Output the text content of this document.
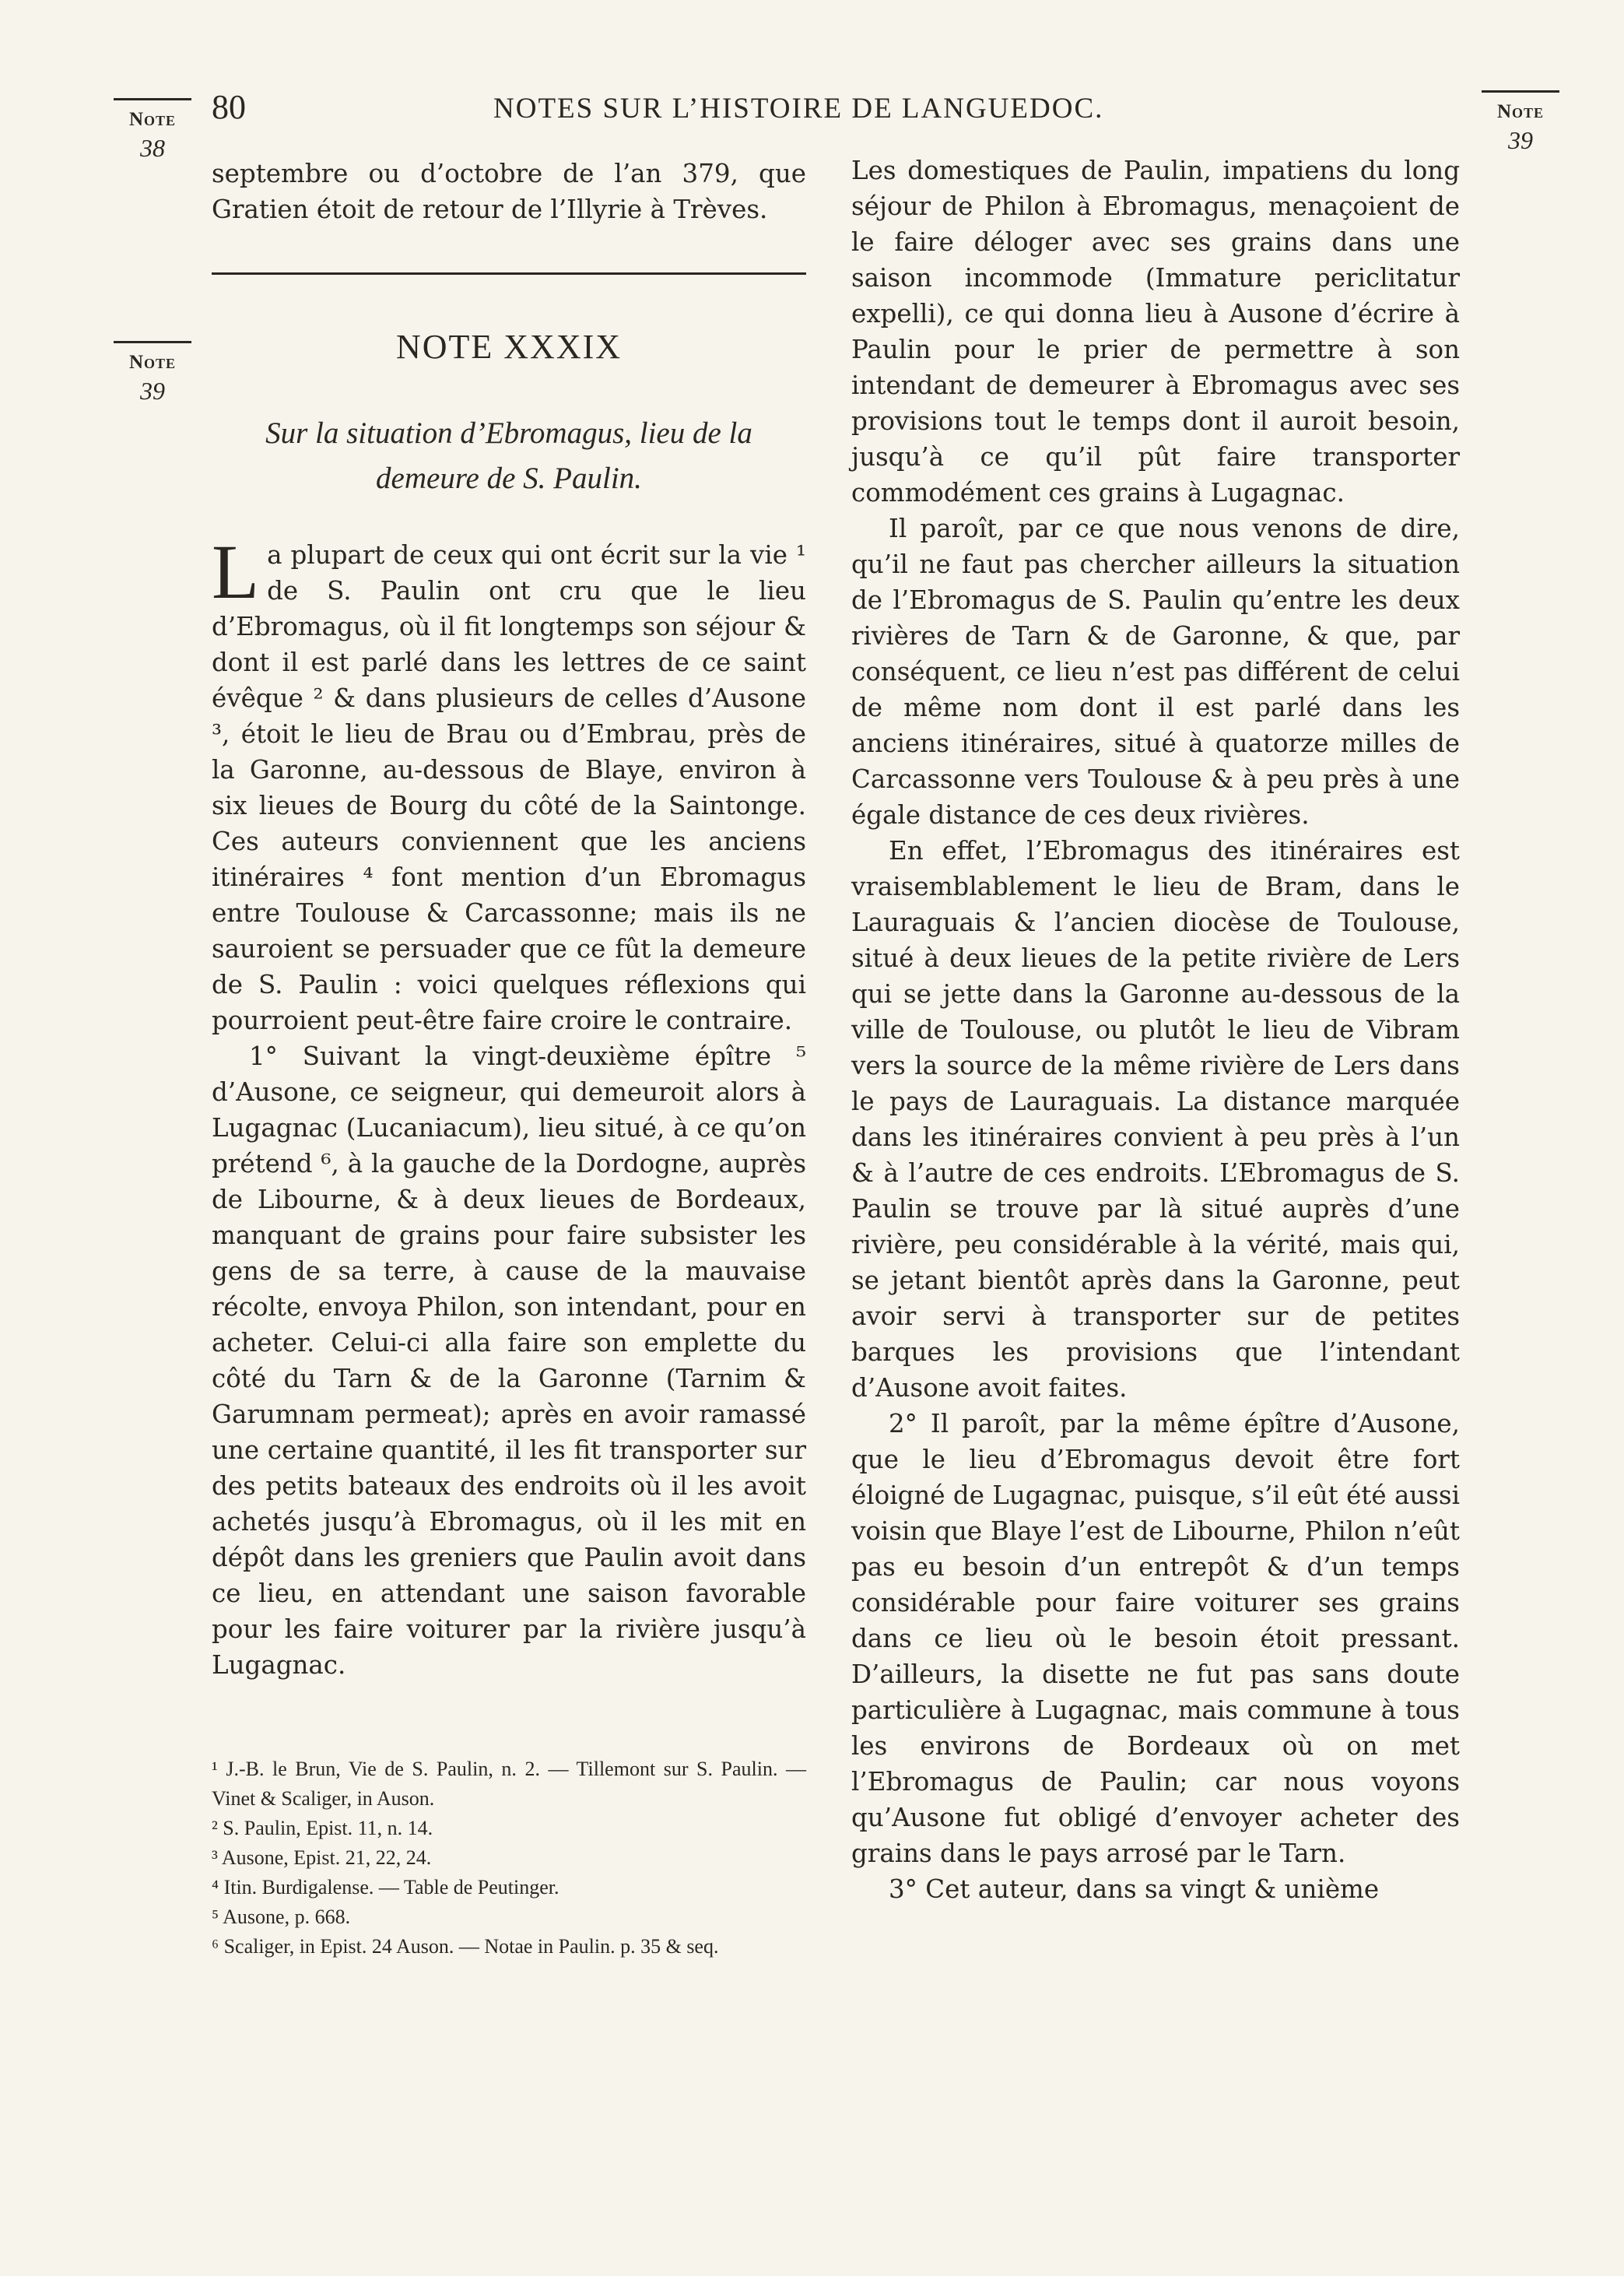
Note
38
Note
39
Note
39
80	NOTES SUR L’HISTOIRE DE LANGUEDOC.

septembre ou d’octobre de l’an 379, que Gratien étoit de retour de l’Illyrie à Trèves.

NOTE XXXIX
Sur la situation d’Ebromagus, lieu de la demeure de S. Paulin.

La plupart de ceux qui ont écrit sur la vie ¹ de S. Paulin ont cru que le lieu d’Ebromagus, où il fit longtemps son séjour & dont il est parlé dans les lettres de ce saint évêque ² & dans plusieurs de celles d’Ausone ³, étoit le lieu de Brau ou d’Embrau, près de la Garonne, au-dessous de Blaye, environ à six lieues de Bourg du côté de la Saintonge. Ces auteurs conviennent que les anciens itinéraires ⁴ font mention d’un Ebromagus entre Toulouse & Carcassonne; mais ils ne sauroient se persuader que ce fût la demeure de S. Paulin : voici quelques réflexions qui pourroient peut-être faire croire le contraire.

1° Suivant la vingt-deuxième épître ⁵ d’Ausone, ce seigneur, qui demeuroit alors à Lugagnac (Lucaniacum), lieu situé, à ce qu’on prétend ⁶, à la gauche de la Dordogne, auprès de Libourne, & à deux lieues de Bordeaux, manquant de grains pour faire subsister les gens de sa terre, à cause de la mauvaise récolte, envoya Philon, son intendant, pour en acheter. Celui-ci alla faire son emplette du côté du Tarn & de la Garonne (Tarnim & Garumnam permeat); après en avoir ramassé une certaine quantité, il les fit transporter sur des petits bateaux des endroits où il les avoit achetés jusqu’à Ebromagus, où il les mit en dépôt dans les greniers que Paulin avoit dans ce lieu, en attendant une saison favorable pour les faire voiturer par la rivière jusqu’à Lugagnac.

¹ J.-B. le Brun, Vie de S. Paulin, n. 2. — Tillemont sur S. Paulin. — Vinet & Scaliger, in Auson.
² S. Paulin, Epist. 11, n. 14.
³ Ausone, Epist. 21, 22, 24.
⁴ Itin. Burdigalense. — Table de Peutinger.
⁵ Ausone, p. 668.
⁶ Scaliger, in Epist. 24 Auson. — Notae in Paulin. p. 35 & seq.

Les domestiques de Paulin, impatiens du long séjour de Philon à Ebromagus, menaçoient de le faire déloger avec ses grains dans une saison incommode (Immature periclitatur expelli), ce qui donna lieu à Ausone d’écrire à Paulin pour le prier de permettre à son intendant de demeurer à Ebromagus avec ses provisions tout le temps dont il auroit besoin, jusqu’à ce qu’il pût faire transporter commodément ces grains à Lugagnac.

Il paroît, par ce que nous venons de dire, qu’il ne faut pas chercher ailleurs la situation de l’Ebromagus de S. Paulin qu’entre les deux rivières de Tarn & de Garonne, & que, par conséquent, ce lieu n’est pas différent de celui de même nom dont il est parlé dans les anciens itinéraires, situé à quatorze milles de Carcassonne vers Toulouse & à peu près à une égale distance de ces deux rivières.

En effet, l’Ebromagus des itinéraires est vraisemblablement le lieu de Bram, dans le Lauraguais & l’ancien diocèse de Toulouse, situé à deux lieues de la petite rivière de Lers qui se jette dans la Garonne au-dessous de la ville de Toulouse, ou plutôt le lieu de Vibram vers la source de la même rivière de Lers dans le pays de Lauraguais. La distance marquée dans les itinéraires convient à peu près à l’un & à l’autre de ces endroits. L’Ebromagus de S. Paulin se trouve par là situé auprès d’une rivière, peu considérable à la vérité, mais qui, se jetant bientôt après dans la Garonne, peut avoir servi à transporter sur de petites barques les provisions que l’intendant d’Ausone avoit faites.

2° Il paroît, par la même épître d’Ausone, que le lieu d’Ebromagus devoit être fort éloigné de Lugagnac, puisque, s’il eût été aussi voisin que Blaye l’est de Libourne, Philon n’eût pas eu besoin d’un entrepôt & d’un temps considérable pour faire voiturer ses grains dans ce lieu où le besoin étoit pressant. D’ailleurs, la disette ne fut pas sans doute particulière à Lugagnac, mais commune à tous les environs de Bordeaux où on met l’Ebromagus de Paulin; car nous voyons qu’Ausone fut obligé d’envoyer acheter des grains dans le pays arrosé par le Tarn.

3° Cet auteur, dans sa vingt & unième
